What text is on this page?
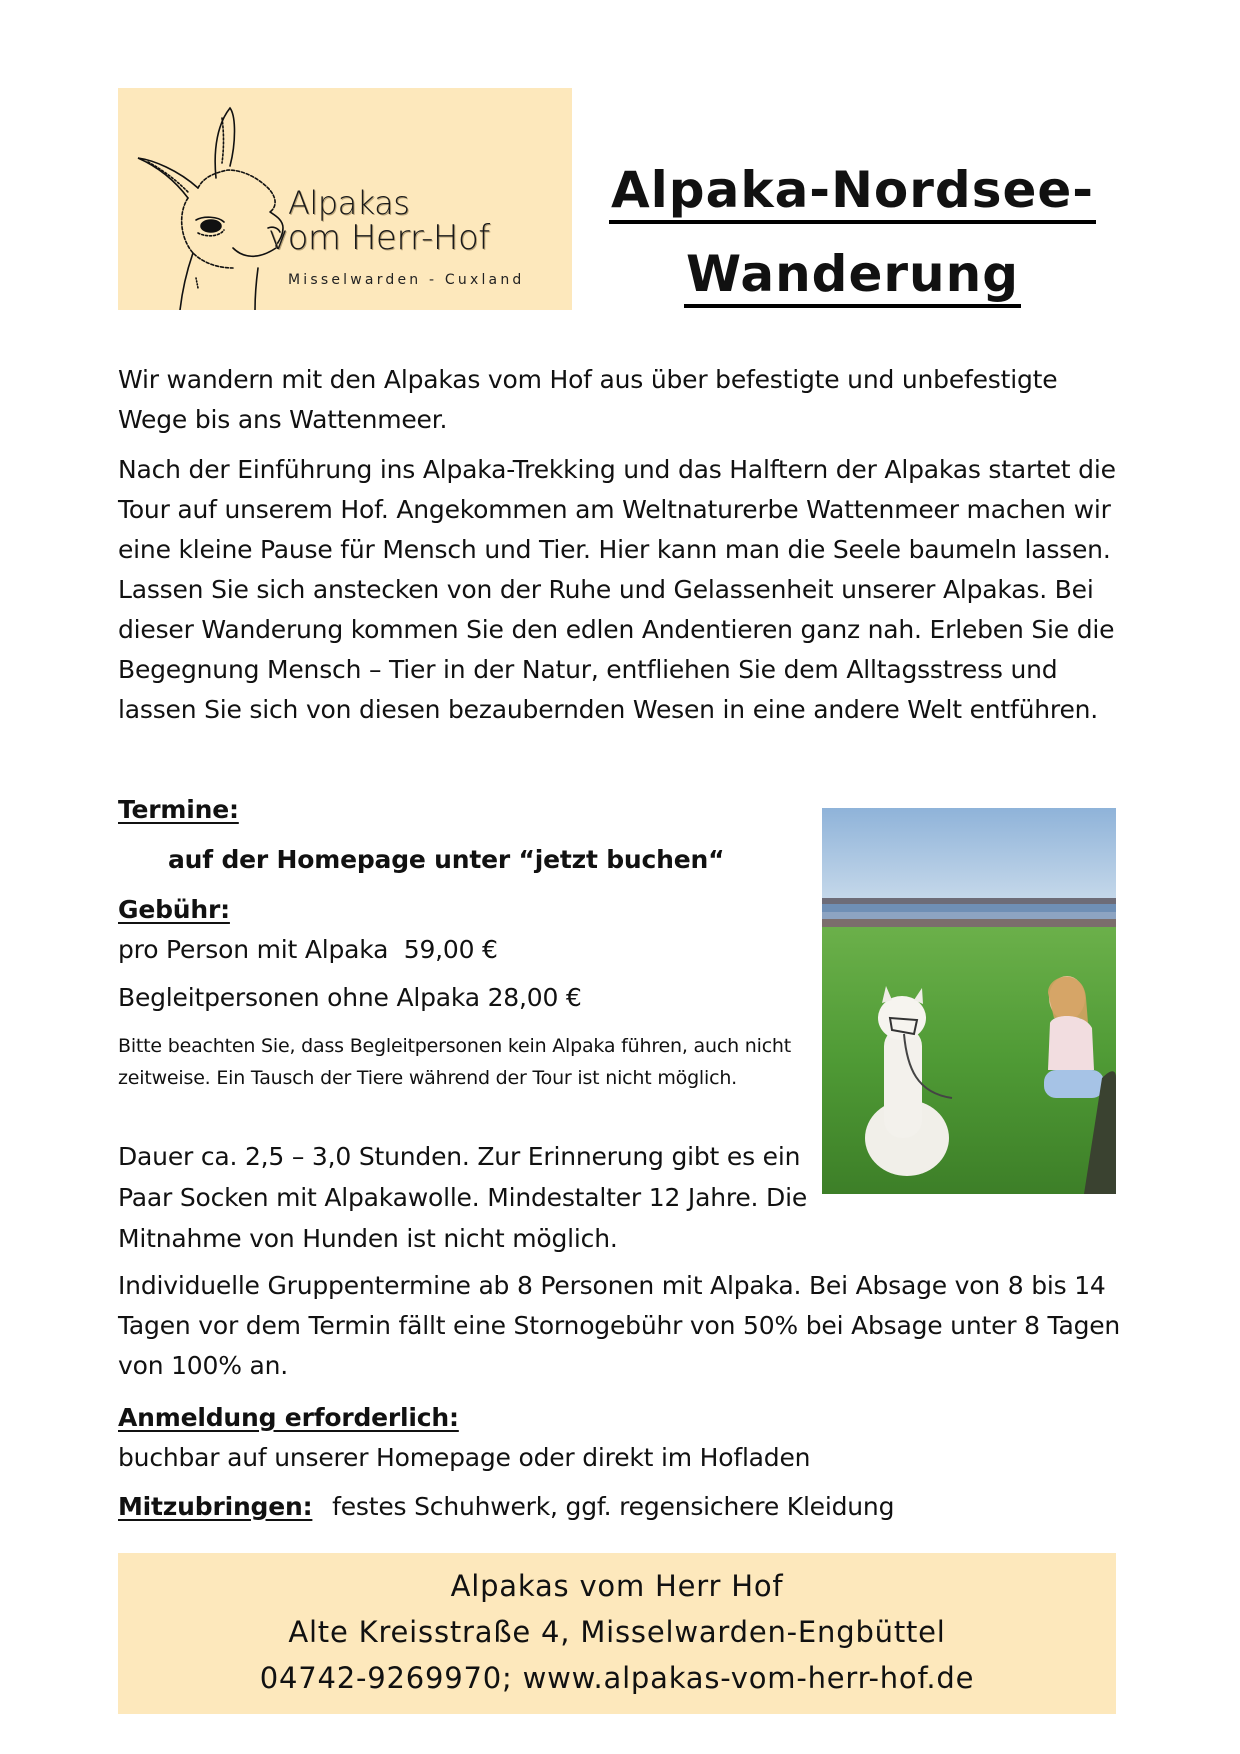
Alpakas
vom Herr-Hof
Misselwarden - Cuxland
Alpaka-Nordsee-
Wanderung
Wir wandern mit den Alpakas vom Hof aus über befestigte und unbefestigte Wege bis ans Wattenmeer.
Nach der Einführung ins Alpaka-Trekking und das Halftern der Alpakas startet die Tour auf unserem Hof. Angekommen am Weltnaturerbe Wattenmeer machen wir eine kleine Pause für Mensch und Tier. Hier kann man die Seele baumeln lassen. Lassen Sie sich anstecken von der Ruhe und Gelassenheit unserer Alpakas. Bei dieser Wanderung kommen Sie den edlen Andentieren ganz nah. Erleben Sie die Begegnung Mensch – Tier in der Natur, entfliehen Sie dem Alltagsstress und lassen Sie sich von diesen bezaubernden Wesen in eine andere Welt entführen.
Termine:
auf der Homepage unter “jetzt buchen“
Gebühr:
pro Person mit Alpaka  59,00 €
Begleitpersonen ohne Alpaka 28,00 €
Bitte beachten Sie, dass Begleitpersonen kein Alpaka führen, auch nicht zeitweise. Ein Tausch der Tiere während der Tour ist nicht möglich.
Dauer ca. 2,5 – 3,0 Stunden. Zur Erinnerung gibt es ein Paar Socken mit Alpakawolle. Mindestalter 12 Jahre. Die Mitnahme von Hunden ist nicht möglich.
Individuelle Gruppentermine ab 8 Personen mit Alpaka. Bei Absage von 8 bis 14 Tagen vor dem Termin fällt eine Stornogebühr von 50% bei Absage unter 8 Tagen von 100% an.
Anmeldung erforderlich:
buchbar auf unserer Homepage oder direkt im Hofladen
Mitzubringen: festes Schuhwerk, ggf. regensichere Kleidung
Alpakas vom Herr Hof
Alte Kreisstraße 4, Misselwarden-Engbüttel
04742-9269970; www.alpakas-vom-herr-hof.de
